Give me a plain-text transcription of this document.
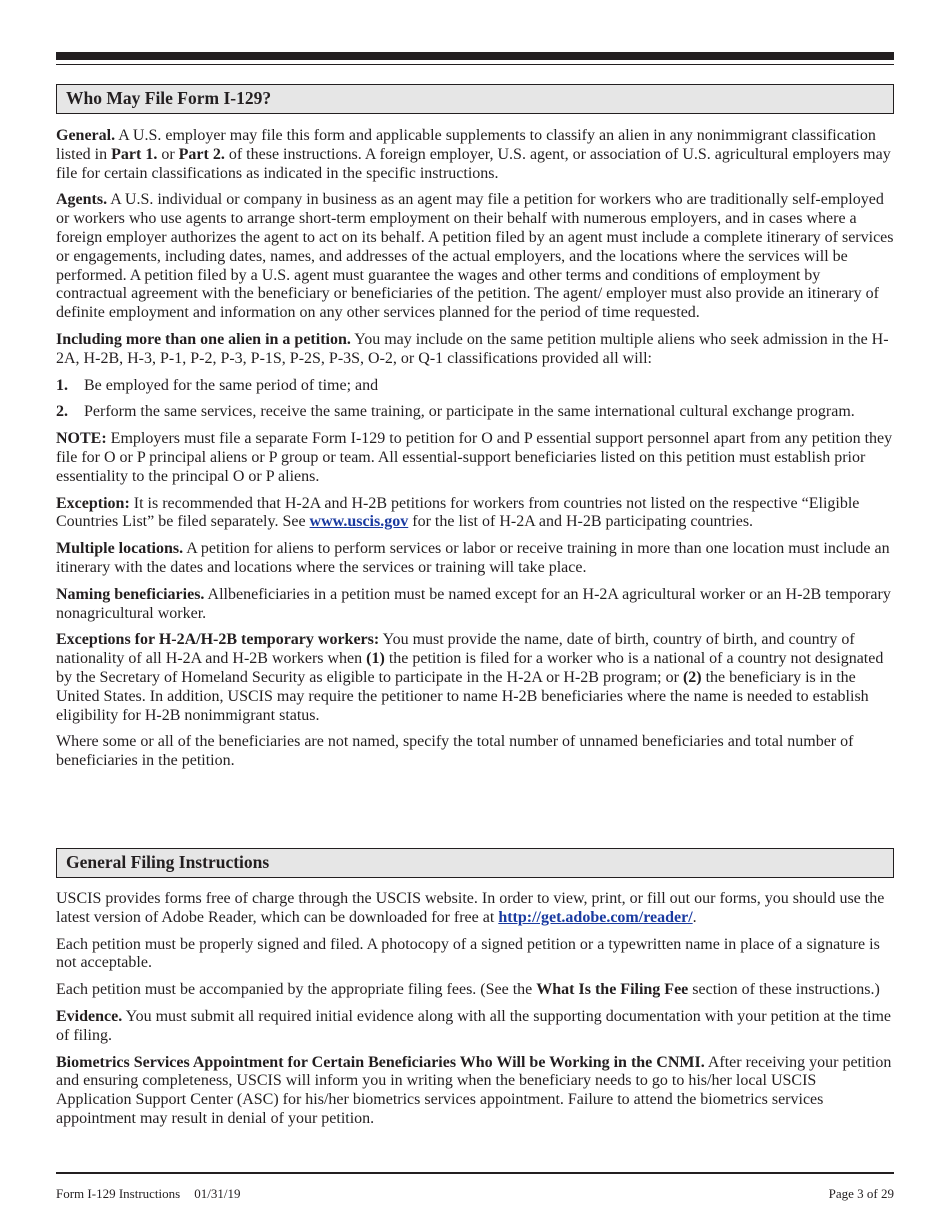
Who May File Form I-129?

General. A U.S. employer may file this form and applicable supplements to classify an alien in any nonimmigrant classification listed in Part 1. or Part 2. of these instructions. A foreign employer, U.S. agent, or association of U.S. agricultural employers may file for certain classifications as indicated in the specific instructions.

Agents. A U.S. individual or company in business as an agent may file a petition for workers who are traditionally self-employed or workers who use agents to arrange short-term employment on their behalf with numerous employers, and in cases where a foreign employer authorizes the agent to act on its behalf. A petition filed by an agent must include a complete itinerary of services or engagements, including dates, names, and addresses of the actual employers, and the locations where the services will be performed. A petition filed by a U.S. agent must guarantee the wages and other terms and conditions of employment by contractual agreement with the beneficiary or beneficiaries of the petition. The agent/ employer must also provide an itinerary of definite employment and information on any other services planned for the period of time requested.

Including more than one alien in a petition. You may include on the same petition multiple aliens who seek admission in the H-2A, H-2B, H-3, P-1, P-2, P-3, P-1S, P-2S, P-3S, O-2, or Q-1 classifications provided all will:

1. Be employed for the same period of time; and
2. Perform the same services, receive the same training, or participate in the same international cultural exchange program.

NOTE: Employers must file a separate Form I-129 to petition for O and P essential support personnel apart from any petition they file for O or P principal aliens or P group or team. All essential-support beneficiaries listed on this petition must establish prior essentiality to the principal O or P aliens.

Exception: It is recommended that H-2A and H-2B petitions for workers from countries not listed on the respective “Eligible Countries List” be filed separately. See www.uscis.gov for the list of H-2A and H-2B participating countries.

Multiple locations. A petition for aliens to perform services or labor or receive training in more than one location must include an itinerary with the dates and locations where the services or training will take place.

Naming beneficiaries. Allbeneficiaries in a petition must be named except for an H-2A agricultural worker or an H-2B temporary nonagricultural worker.

Exceptions for H-2A/H-2B temporary workers: You must provide the name, date of birth, country of birth, and country of nationality of all H-2A and H-2B workers when (1) the petition is filed for a worker who is a national of a country not designated by the Secretary of Homeland Security as eligible to participate in the H-2A or H-2B program; or (2) the beneficiary is in the United States. In addition, USCIS may require the petitioner to name H-2B beneficiaries where the name is needed to establish eligibility for H-2B nonimmigrant status.

Where some or all of the beneficiaries are not named, specify the total number of unnamed beneficiaries and total number of beneficiaries in the petition.

General Filing Instructions

USCIS provides forms free of charge through the USCIS website. In order to view, print, or fill out our forms, you should use the latest version of Adobe Reader, which can be downloaded for free at http://get.adobe.com/reader/.

Each petition must be properly signed and filed. A photocopy of a signed petition or a typewritten name in place of a signature is not acceptable.

Each petition must be accompanied by the appropriate filing fees. (See the What Is the Filing Fee section of these instructions.)

Evidence. You must submit all required initial evidence along with all the supporting documentation with your petition at the time of filing.

Biometrics Services Appointment for Certain Beneficiaries Who Will be Working in the CNMI. After receiving your petition and ensuring completeness, USCIS will inform you in writing when the beneficiary needs to go to his/her local USCIS Application Support Center (ASC) for his/her biometrics services appointment. Failure to attend the biometrics services appointment may result in denial of your petition.

Form I-129 Instructions 01/31/19	Page 3 of 29
